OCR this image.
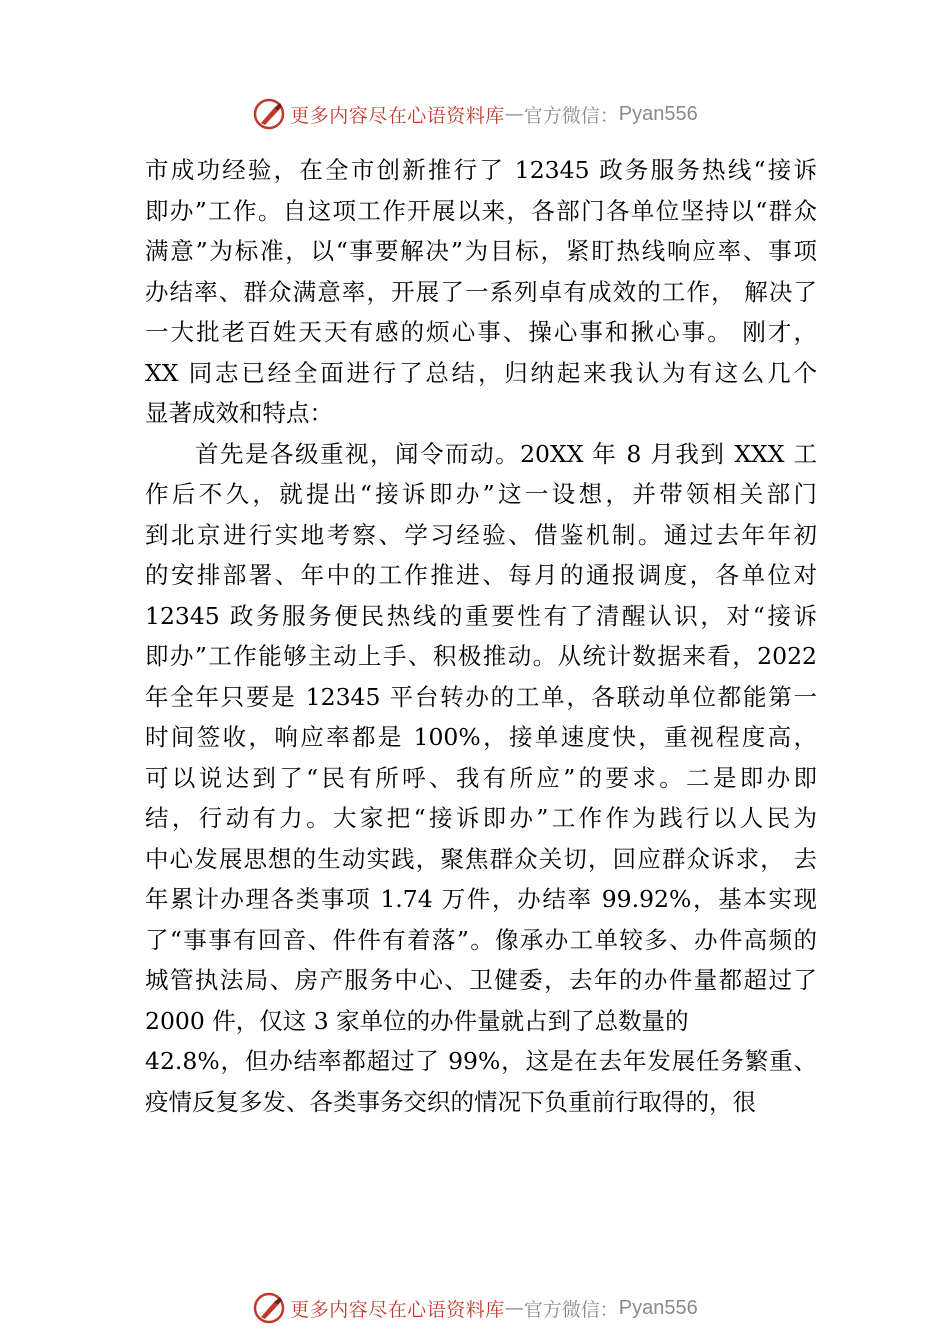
更多内容尽在心语资料库 — 官方微信： Pyan556
市成功经验，在全市创新推行了 12345 政务服务热线“接诉
即办”工作。自这项工作开展以来，各部门各单位坚持以“群众
满意”为标准，以“事要解决”为目标，紧盯热线响应率、事项
办结率、群众满意率，开展了一系列卓有成效的工作， 解决了
一大批老百姓天天有感的烦心事、操心事和揪心事。 刚才，
XX 同志已经全面进行了总结，归纳起来我认为有这么几个
显著成效和特点：
　　首先是各级重视，闻令而动。20XX 年 8 月我到 XXX 工
作后不久，就提出“接诉即办”这一设想，并带领相关部门
到北京进行实地考察、学习经验、借鉴机制。通过去年年初
的安排部署、年中的工作推进、每月的通报调度，各单位对
12345 政务服务便民热线的重要性有了清醒认识，对“接诉
即办”工作能够主动上手、积极推动。从统计数据来看，2022
年全年只要是 12345 平台转办的工单，各联动单位都能第一
时间签收，响应率都是 100%，接单速度快，重视程度高，
可以说达到了“民有所呼、我有所应”的要求。二是即办即
结，行动有力。大家把“接诉即办”工作作为践行以人民为
中心发展思想的生动实践，聚焦群众关切，回应群众诉求， 去
年累计办理各类事项 1.74 万件，办结率 99.92%，基本实现
了“事事有回音、件件有着落”。像承办工单较多、办件高频的
城管执法局、房产服务中心、卫健委，去年的办件量都超过了
2000 件，仅这 3 家单位的办件量就占到了总数量的
42.8%，但办结率都超过了 99%，这是在去年发展任务繁重、
疫情反复多发、各类事务交织的情况下负重前行取得的，很
更多内容尽在心语资料库 — 官方微信： Pyan556
